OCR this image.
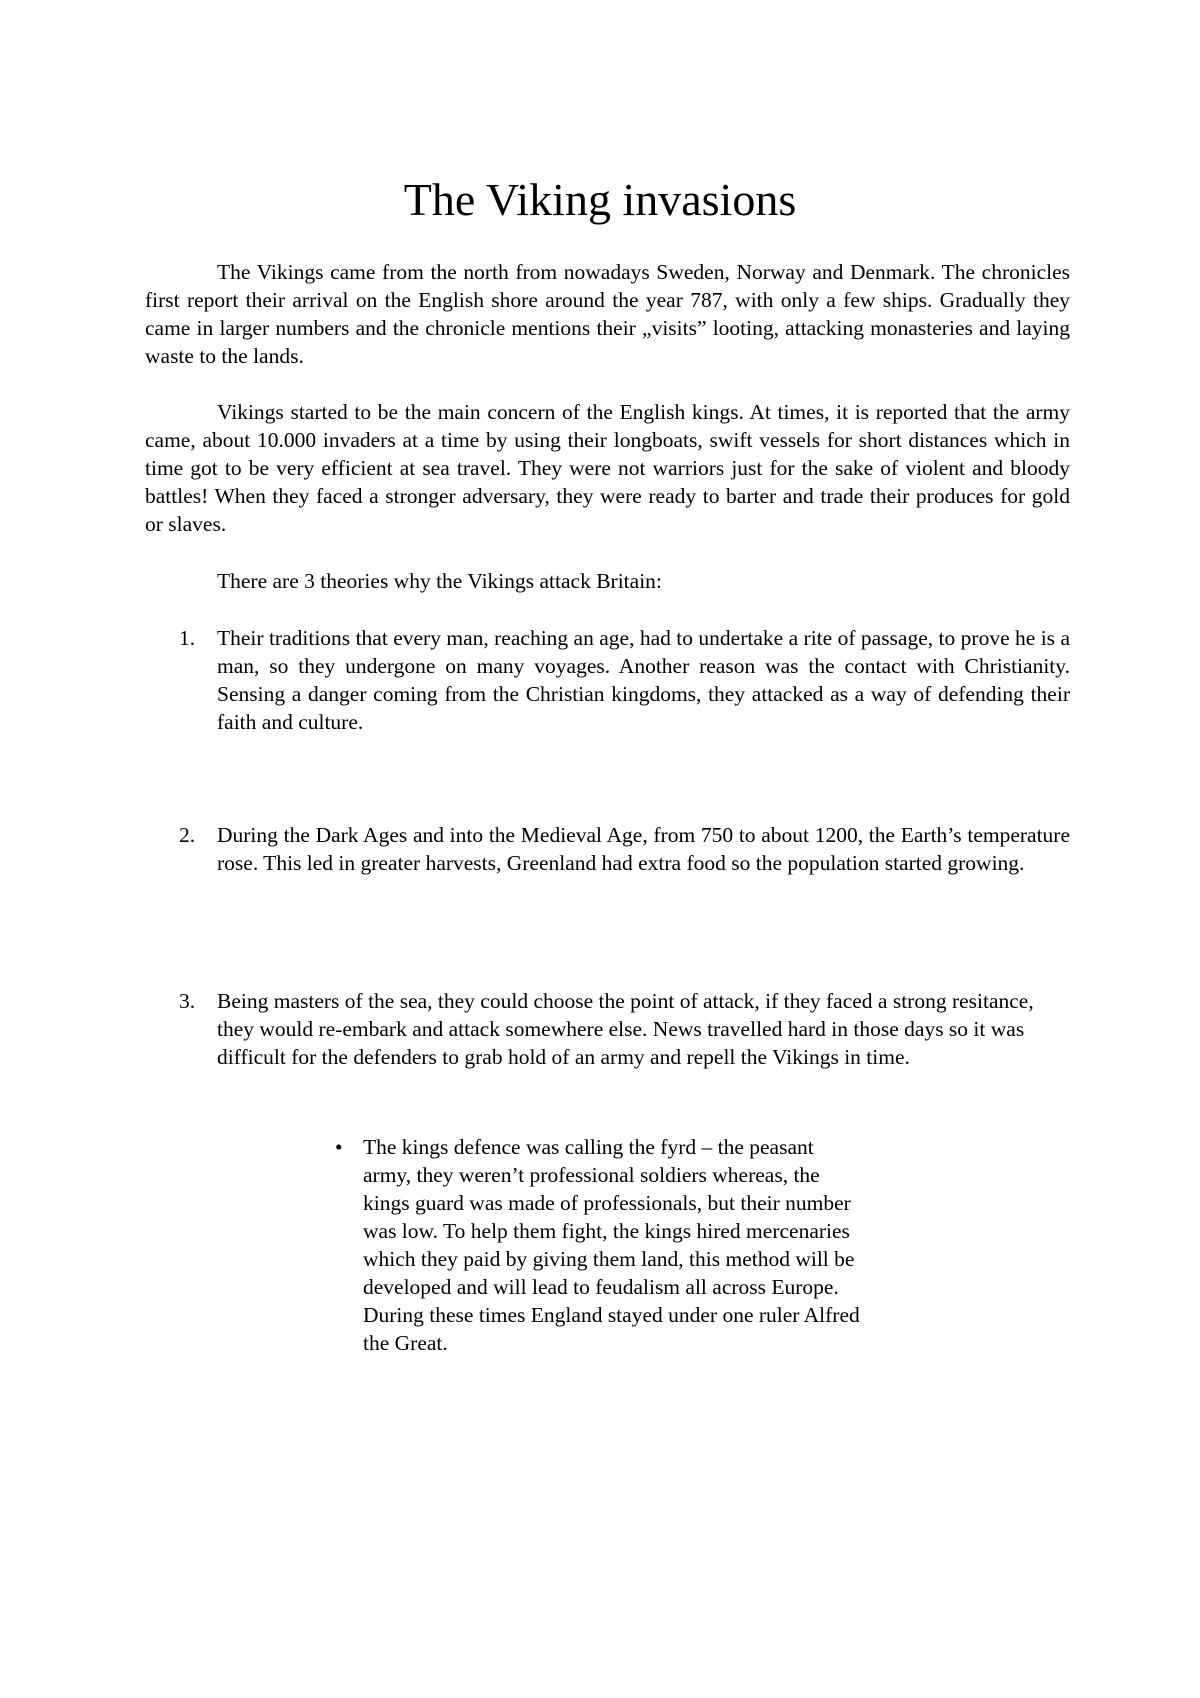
The Viking invasions

The Vikings came from the north from nowadays Sweden, Norway and Denmark. The chronicles first report their arrival on the English shore around the year 787, with only a few ships. Gradually they came in larger numbers and the chronicle mentions their „visits” looting, attacking monasteries and laying waste to the lands.

Vikings started to be the main concern of the English kings. At times, it is reported that the army came, about 10.000 invaders at a time by using their longboats, swift vessels for short distances which in time got to be very efficient at sea travel. They were not warriors just for the sake of violent and bloody battles! When they faced a stronger adversary, they were ready to barter and trade their produces for gold or slaves.

There are 3 theories why the Vikings attack Britain:

1.	Their traditions that every man, reaching an age, had to undertake a rite of passage, to prove he is a man, so they undergone on many voyages. Another reason was the contact with Christianity. Sensing a danger coming from the Christian kingdoms, they attacked as a way of defending their faith and culture.
2.	During the Dark Ages and into the Medieval Age, from 750 to about 1200, the Earth’s temperature rose. This led in greater harvests, Greenland had extra food so the population started growing.
3.	Being masters of the sea, they could choose the point of attack, if they faced a strong resitance, they would re-embark and attack somewhere else. News travelled hard in those days so it was difficult for the defenders to grab hold of an army and repell the Vikings in time.
• The kings defence was calling the fyrd – the peasant army, they weren’t professional soldiers whereas, the kings guard was made of professionals, but their number was low. To help them fight, the kings hired mercenaries which they paid by giving them land, this method will be developed and will lead to feudalism all across Europe. During these times England stayed under one ruler Alfred the Great.
